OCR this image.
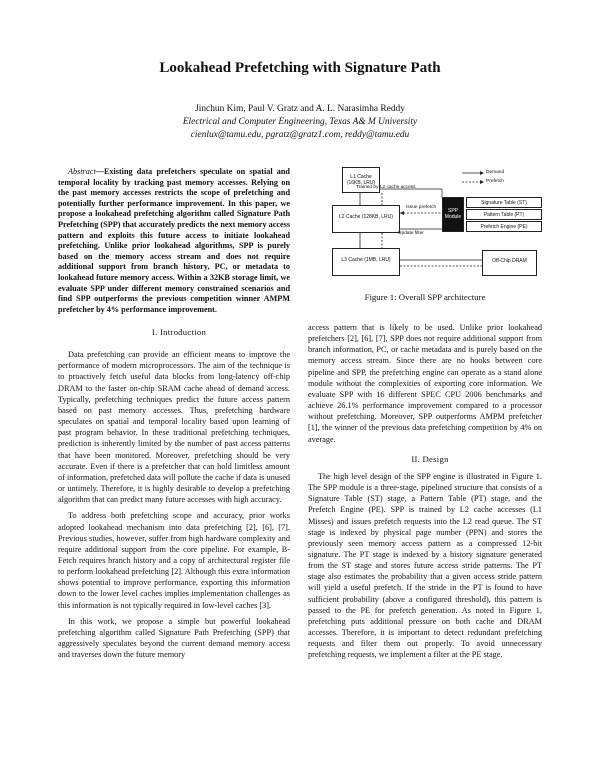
Lookahead Prefetching with Signature Path
Jinchun Kim, Paul V. Gratz and A. L. Narasimha Reddy
Electrical and Computer Engineering, Texas A& M University
cienlux@tamu.edu, pgratz@gratz1.com, reddy@tamu.edu
Abstract—Existing data prefetchers speculate on spatial and temporal locality by tracking past memory accesses. Relying on the past memory accesses restricts the scope of prefetching and potentially further performance improvement. In this paper, we propose a lookahead prefetching algorithm called Signature Path Prefetching (SPP) that accurately predicts the next memory access pattern and exploits this future access to initiate lookahead prefetching. Unlike prior lookahead algorithms, SPP is purely based on the memory access stream and does not require additional support from branch history, PC, or metadata to lookahead future memory access. Within a 32KB storage limit, we evaluate SPP under different memory constrained scenarios and find SPP outperforms the previous competition winner AMPM prefetcher by 4% performance improvement.

I. Introduction

Data prefetching can provide an efficient means to improve the performance of modern microprocessors. The aim of the technique is to proactively fetch useful data blocks from long-latency off-chip DRAM to the faster on-chip SRAM cache ahead of demand access. Typically, prefetching techniques predict the future access pattern based on past memory accesses. Thus, prefetching hardware speculates on spatial and temporal locality based upon learning of past program behavior. In these traditional prefetching techniques, prediction is inherently limited by the number of past access patterns that have been monitored. Moreover, prefetching should be very accurate. Even if there is a prefetcher that can hold limitless amount of information, prefetched data will pollute the cache if data is unused or untimely. Therefore, it is highly desirable to develop a prefetching algorithm that can predict many future accesses with high accuracy.

To address both prefetching scope and accuracy, prior works adopted lookahead mechanism into data prefetching [2], [6], [7]. Previous studies, however, suffer from high hardware complexity and require additional support from the core pipeline. For example, B-Fetch requires branch history and a copy of architectural register file to perform lookahead prefetching [2]. Although this extra information shows potential to improve performance, exporting this information down to the lower level caches implies implementation challenges as this information is not typically required in low-level caches [3].

In this work, we propose a simple but powerful lookahead prefetching algorithm called Signature Path Prefetching (SPP) that aggressively speculates beyond the current demand memory access and traverses down the future memory

L1 Cache (16KB, LRU)
Demand
Prefetch
Trained by L2 cache access
L2 Cache (128KB, LRU)
Issue prefetch
SPP Module
Signature Table (ST)
Pattern Table (PT)
Prefetch Engine (PE)
Update filter
L3 Cache (1MB, LRU)	Off-Chip DRAM
Figure 1: Overall SPP architecture

access pattern that is likely to be used. Unlike prior lookahead prefetchers [2], [6], [7], SPP does not require additional support from branch information, PC, or cache metadata and is purely based on the memory access stream. Since there are no hooks between core pipeline and SPP, the prefetching engine can operate as a stand alone module without the complexities of exporting core information. We evaluate SPP with 16 different SPEC CPU 2006 benchmarks and achieve 26.1% performance improvement compared to a processor without prefetching. Moreover, SPP outperforms AMPM prefetcher [1], the winner of the previous data prefetching competition by 4% on average.

II. Design

The high level design of the SPP engine is illustrated in Figure 1. The SPP module is a three-stage, pipelined structure that consists of a Signature Table (ST) stage, a Pattern Table (PT) stage, and the Prefetch Engine (PE). SPP is trained by L2 cache accesses (L1 Misses) and issues prefetch requests into the L2 read queue. The ST stage is indexed by physical page number (PPN) and stores the previously seen memory access pattern as a compressed 12-bit signature. The PT stage is indexed by a history signature generated from the ST stage and stores future access stride patterns. The PT stage also estimates the probability that a given access stride pattern will yield a useful prefetch. If the stride in the PT is found to have sufficient probability (above a configured threshold), this pattern is passed to the PE for prefetch generation. As noted in Figure 1, prefetching puts additional pressure on both cache and DRAM accesses. Therefore, it is important to detect redundant prefetching requests and filter them out properly. To avoid unnecessary prefetching requests, we implement a filter at the PE stage.
